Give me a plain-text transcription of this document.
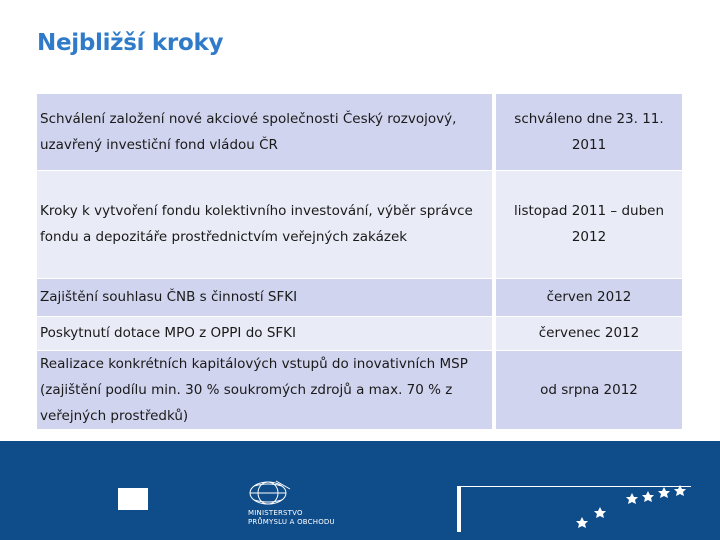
Nejbližší kroky
Schválení založení nové akciové společnosti Český rozvojový, uzavřený investiční fond vládou ČR		schváleno dne 23. 11. 2011
Kroky k vytvoření fondu kolektivního investování, výběr správce fondu a depozitáře prostřednictvím veřejných zakázek		listopad 2011 – duben 2012
Zajištění souhlasu ČNB s činností SFKI		červen 2012
Poskytnutí dotace MPO z OPPI do SFKI		červenec 2012
Realizace konkrétních kapitálových vstupů do inovativních MSP (zajištění podílu min. 30 % soukromých zdrojů a max. 70 % z veřejných prostředků)		od srpna 2012
MINISTERSTVO
PRŮMYSLU A OBCHODU
